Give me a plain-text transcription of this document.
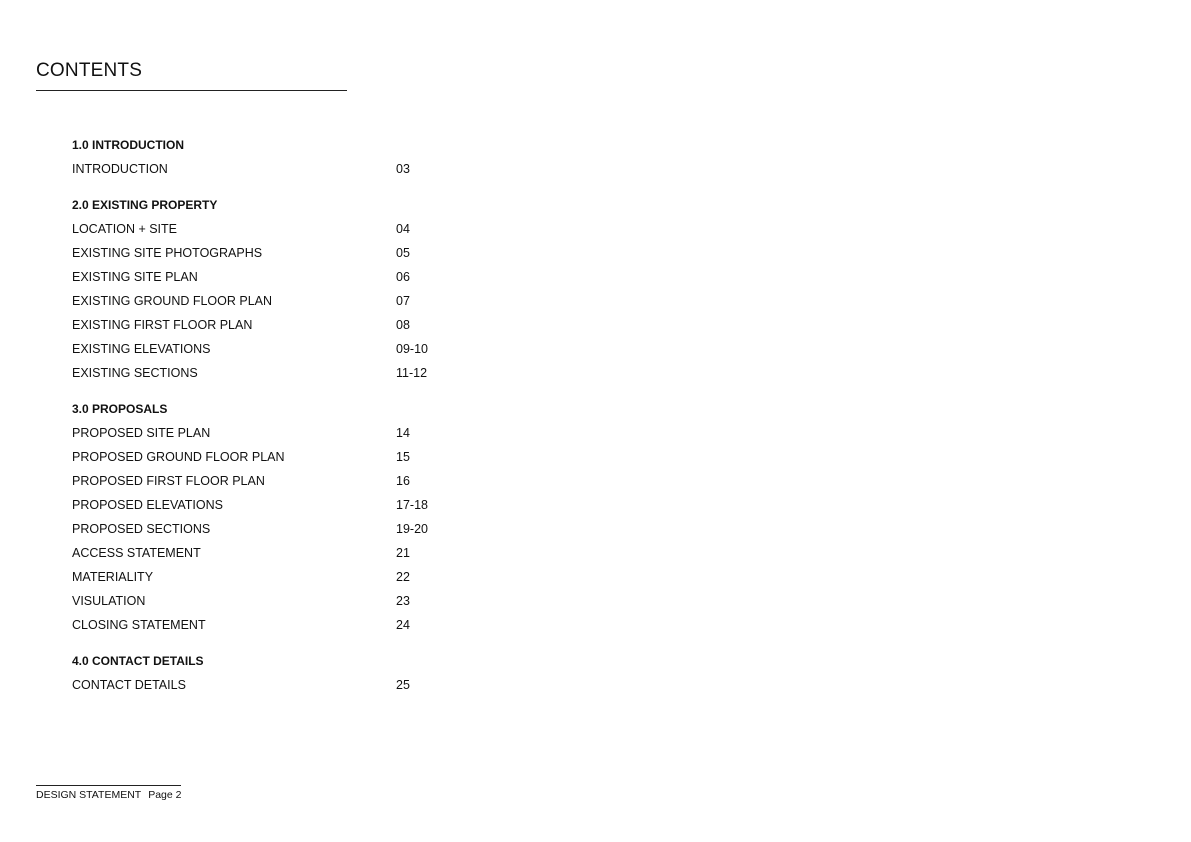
CONTENTS
1.0 INTRODUCTION
INTRODUCTION	03
2.0 EXISTING PROPERTY
LOCATION + SITE	04
EXISTING SITE PHOTOGRAPHS	05
EXISTING SITE PLAN	06
EXISTING GROUND FLOOR PLAN	07
EXISTING FIRST FLOOR PLAN	08
EXISTING ELEVATIONS	09-10
EXISTING SECTIONS	11-12
3.0 PROPOSALS
PROPOSED SITE PLAN	14
PROPOSED GROUND FLOOR PLAN	15
PROPOSED FIRST FLOOR PLAN	16
PROPOSED ELEVATIONS	17-18
PROPOSED SECTIONS	19-20
ACCESS STATEMENT	21
MATERIALITY	22
VISULATION	23
CLOSING STATEMENT	24
4.0 CONTACT DETAILS
CONTACT DETAILS	25
DESIGN STATEMENT Page 2
